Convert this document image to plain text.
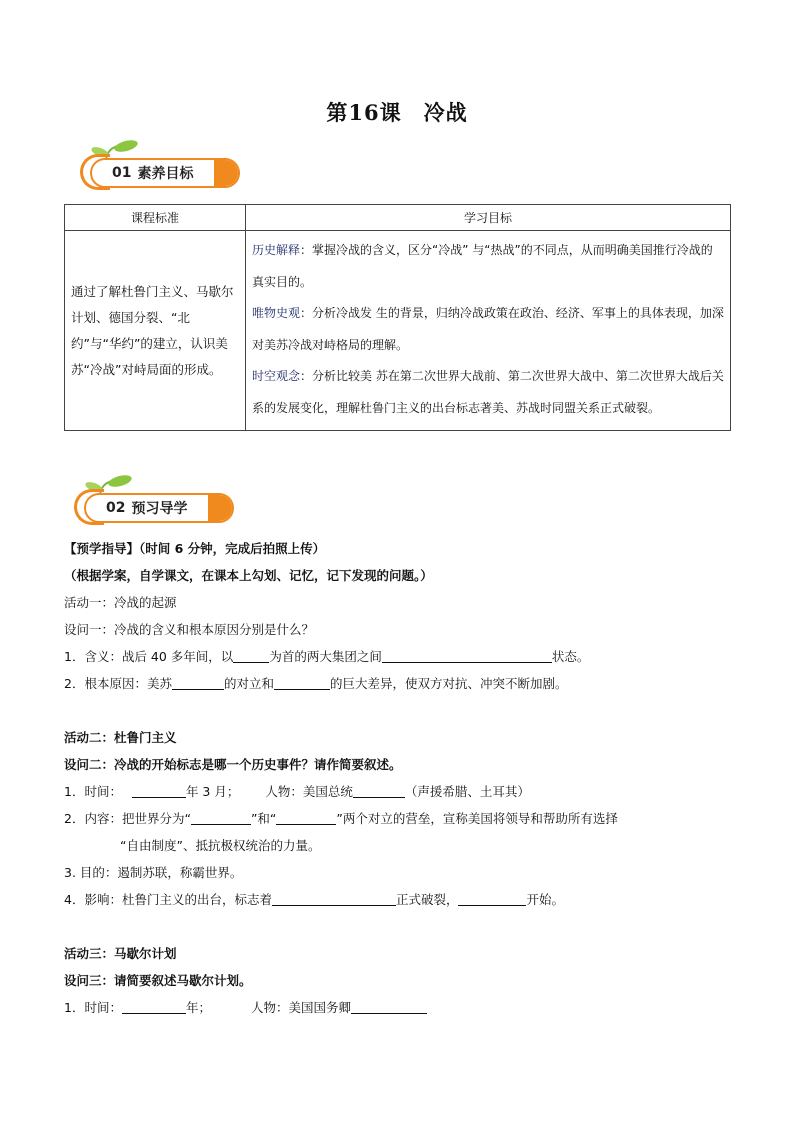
第16课　冷战
01 素养目标
课程标准	学习目标
通过了解杜鲁门主义、马歇尔计划、德国分裂、“北约”与“华约”的建立，认识美苏“冷战”对峙局面的形成。	历史解释：掌握冷战的含义，区分“冷战” 与“热战”的不同点，从而明确美国推行冷战的真实目的。
唯物史观：分析冷战发 生的背景，归纳冷战政策在政治、经济、军事上的具体表现，加深对美苏冷战对峙格局的理解。
时空观念：分析比较美 苏在第二次世界大战前、第二次世界大战中、第二次世界大战后关系的发展变化，理解杜鲁门主义的出台标志著美、苏战时同盟关系正式破裂。
02 预习导学
【预学指导】（时间 6 分钟，完成后拍照上传）
（根据学案，自学课文，在课本上勾划、记忆，记下发现的问题。）
活动一：冷战的起源
设问一：冷战的含义和根本原因分别是什么？
1．含义：战后 40 多年间，以	为首的两大集团之间	状态。
2．根本原因：美苏	的对立和	的巨大差异，使双方对抗、冲突不断加剧。
活动二：杜鲁门主义
设问二：冷战的开始标志是哪一个历史事件？请作简要叙述。
1．时间：	年 3 月； 人物：美国总统	（声援希腊、土耳其）
2．内容：把世界分为“	”和“	”两个对立的营垒，宣称美国将领导和帮助所有选择
“自由制度”、抵抗极权统治的力量。
3. 目的：遏制苏联，称霸世界。
4．影响：杜鲁门主义的出台，标志着	正式破裂，	开始。
活动三：马歇尔计划
设问三：请简要叙述马歇尔计划。
1．时间：	年；	人物：美国国务卿
